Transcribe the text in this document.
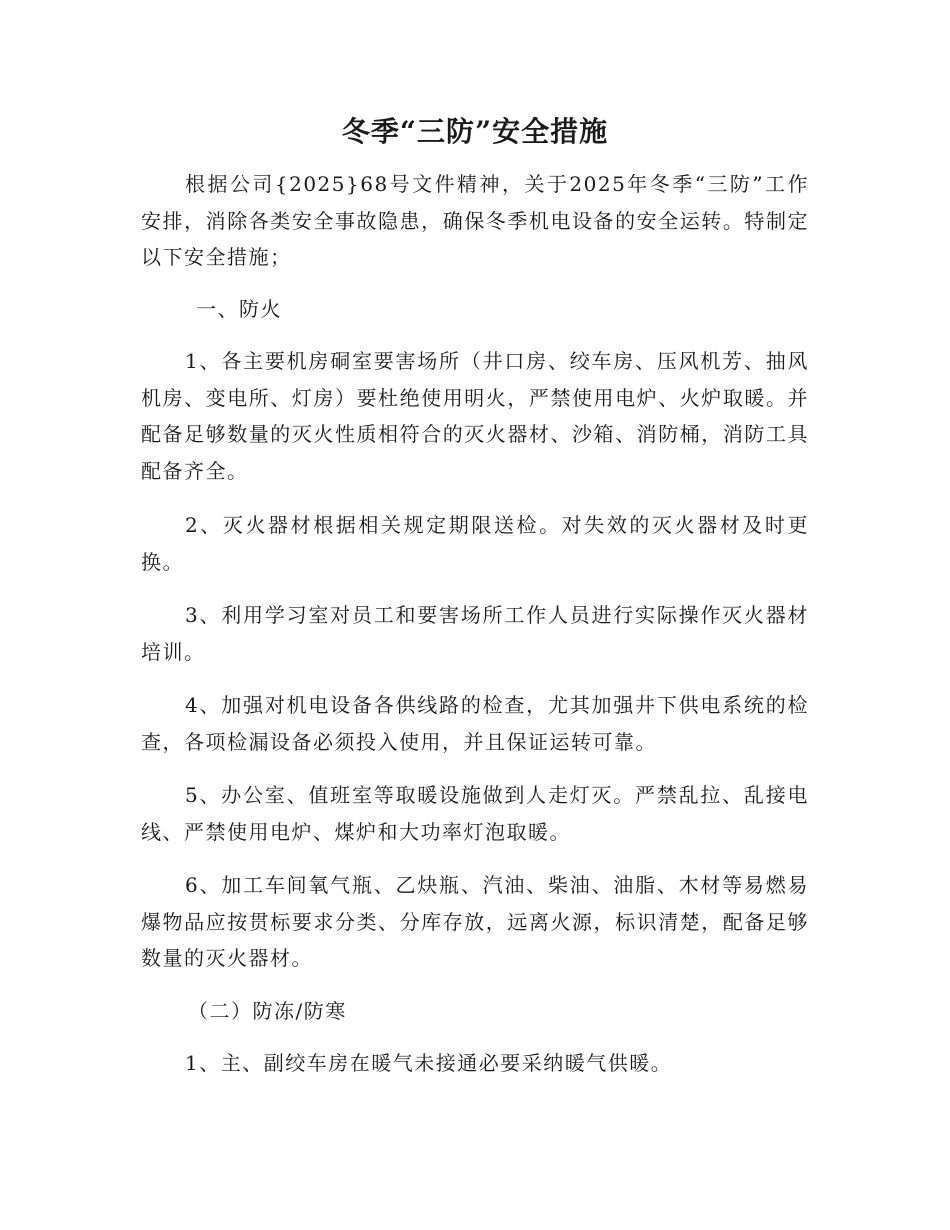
冬季“三防”安全措施
根据公司{2025}68号文件精神，关于2025年冬季“三防”工作安排，消除各类安全事故隐患，确保冬季机电设备的安全运转。特制定以下安全措施；
一、防火
1、各主要机房硐室要害场所（井口房、绞车房、压风机芳、抽风机房、变电所、灯房）要杜绝使用明火，严禁使用电炉、火炉取暖。并配备足够数量的灭火性质相符合的灭火器材、沙箱、消防桶，消防工具配备齐全。
2、灭火器材根据相关规定期限送检。对失效的灭火器材及时更换。
3、利用学习室对员工和要害场所工作人员进行实际操作灭火器材培训。
4、加强对机电设备各供线路的检查，尤其加强井下供电系统的检查，各项检漏设备必须投入使用，并且保证运转可靠。
5、办公室、值班室等取暖设施做到人走灯灭。严禁乱拉、乱接电线、严禁使用电炉、煤炉和大功率灯泡取暖。
6、加工车间氧气瓶、乙炔瓶、汽油、柴油、油脂、木材等易燃易爆物品应按贯标要求分类、分库存放，远离火源，标识清楚，配备足够数量的灭火器材。
（二）防冻/防寒
1、主、副绞车房在暖气未接通必要采纳暖气供暖。
